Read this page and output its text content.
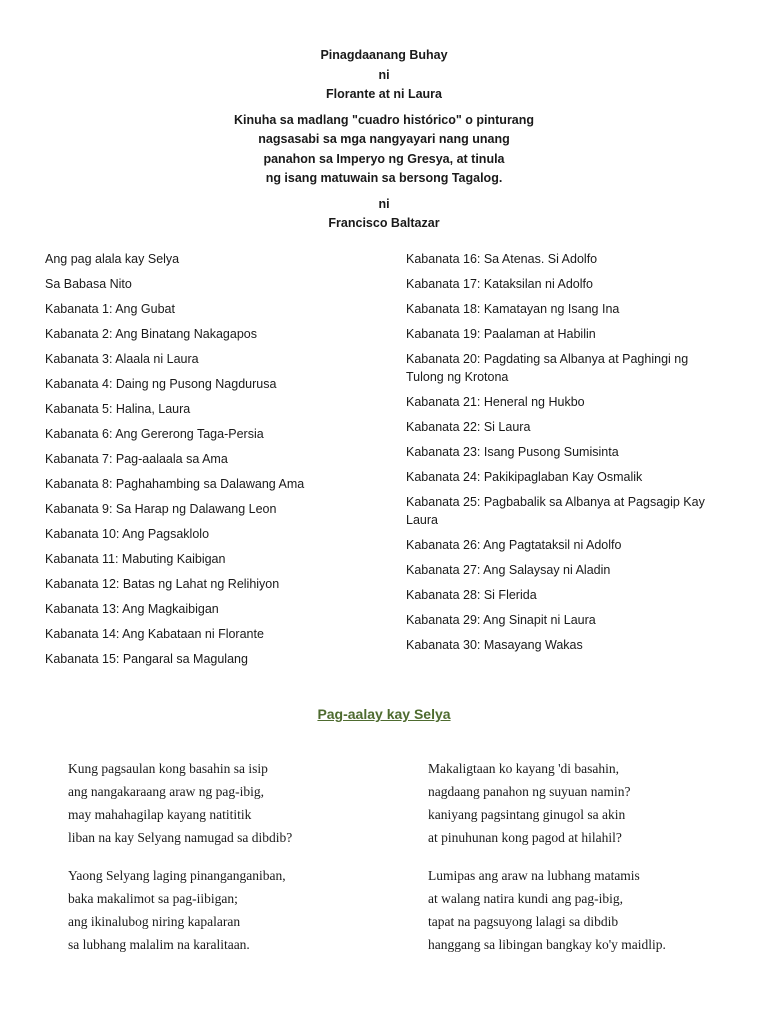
Pinagdaanang Buhay
ni
Florante at ni Laura
Kinuha sa madlang "cuadro histórico" o pinturang
nagsasabi sa mga nangyayari nang unang
panahon sa Imperyo ng Gresya, at tinula
ng isang matuwain sa bersong Tagalog.
ni
Francisco Baltazar
Ang pag alala kay Selya
Sa Babasa Nito
Kabanata 1: Ang Gubat
Kabanata 2: Ang Binatang Nakagapos
Kabanata 3: Alaala ni Laura
Kabanata 4: Daing ng Pusong Nagdurusa
Kabanata 5: Halina, Laura
Kabanata 6: Ang Gererong Taga-Persia
Kabanata 7: Pag-aalaala sa Ama
Kabanata 8: Paghahambing sa Dalawang Ama
Kabanata 9: Sa Harap ng Dalawang Leon
Kabanata 10: Ang Pagsaklolo
Kabanata 11: Mabuting Kaibigan
Kabanata 12: Batas ng Lahat ng Relihiyon
Kabanata 13: Ang Magkaibigan
Kabanata 14: Ang Kabataan ni Florante
Kabanata 15: Pangaral sa Magulang
Kabanata 16: Sa Atenas. Si Adolfo
Kabanata 17: Kataksilan ni Adolfo
Kabanata 18: Kamatayan ng Isang Ina
Kabanata 19: Paalaman at Habilin
Kabanata 20: Pagdating sa Albanya at Paghingi ng Tulong ng Krotona
Kabanata 21: Heneral ng Hukbo
Kabanata 22: Si Laura
Kabanata 23: Isang Pusong Sumisinta
Kabanata 24: Pakikipaglaban Kay Osmalik
Kabanata 25: Pagbabalik sa Albanya at Pagsagip Kay Laura
Kabanata 26: Ang Pagtataksil ni Adolfo
Kabanata 27: Ang Salaysay ni Aladin
Kabanata 28: Si Flerida
Kabanata 29: Ang Sinapit ni Laura
Kabanata 30: Masayang Wakas
Pag-aalay kay Selya
Kung pagsaulan kong basahin sa isip
ang nangakaraang araw ng pag-ibig,
may mahahagilap kayang natititik
liban na kay Selyang namugad sa dibdib?
Yaong Selyang laging pinanganganiban,
baka makalimot sa pag-iibigan;
ang ikinalubog niring kapalaran
sa lubhang malalim na karalitaan.
Makaligtaan ko kayang 'di basahin,
nagdaang panahon ng suyuan namin?
kaniyang pagsintang ginugol sa akin
at pinuhunan kong pagod at hilahil?
Lumipas ang araw na lubhang matamis
at walang natira kundi ang pag-ibig,
tapat na pagsuyong lalagi sa dibdib
hanggang sa libingan bangkay ko'y maidlip.
